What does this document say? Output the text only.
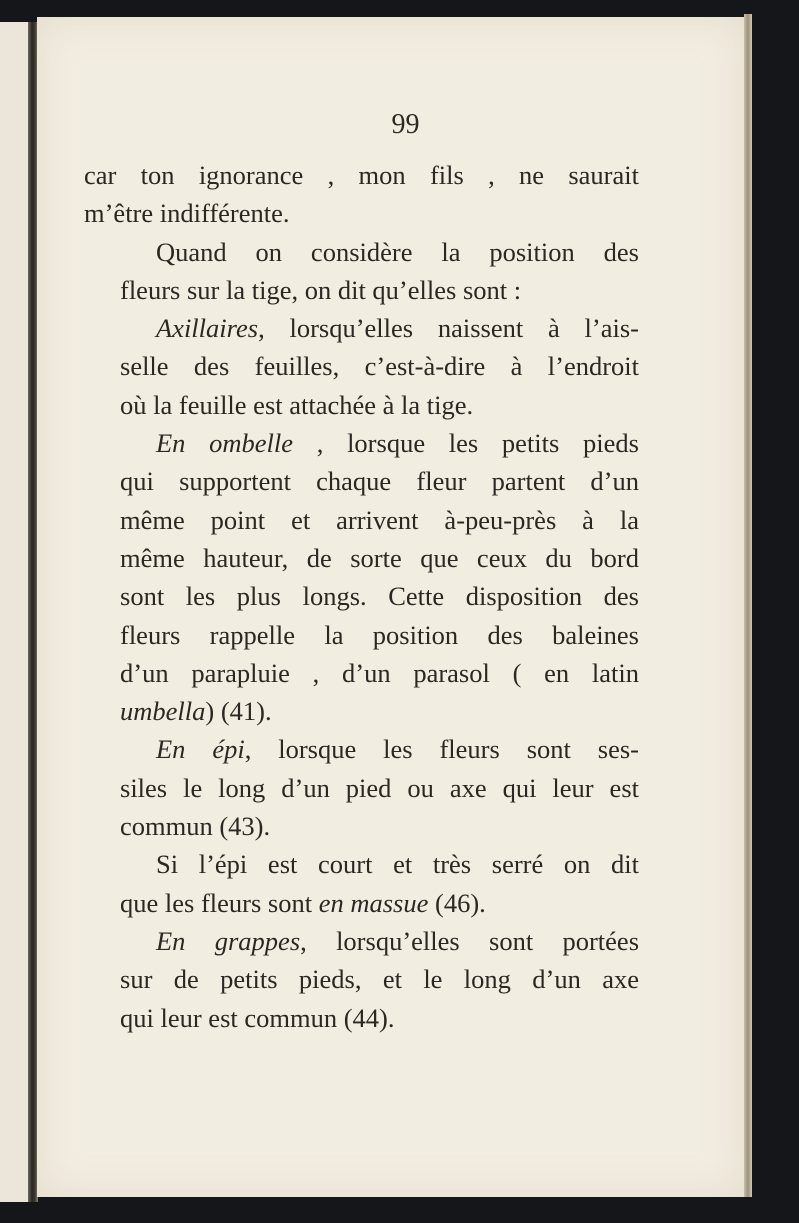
99
car ton ignorance , mon fils , ne saurait
m’être indifférente.
Quand on considère la position des
fleurs sur la tige, on dit qu’elles sont :
Axillaires, lorsqu’elles naissent à l’ais-
selle des feuilles, c’est-à-dire à l’endroit
où la feuille est attachée à la tige.
En ombelle , lorsque les petits pieds
qui supportent chaque fleur partent d’un
même point et arrivent à-peu-près à la
même hauteur, de sorte que ceux du bord
sont les plus longs. Cette disposition des
fleurs rappelle la position des baleines
d’un parapluie , d’un parasol ( en latin
umbella) (41).
En épi, lorsque les fleurs sont ses-
siles le long d’un pied ou axe qui leur est
commun (43).
Si l’épi est court et très serré on dit
que les fleurs sont en massue (46).
En grappes, lorsqu’elles sont portées
sur de petits pieds, et le long d’un axe
qui leur est commun (44).
